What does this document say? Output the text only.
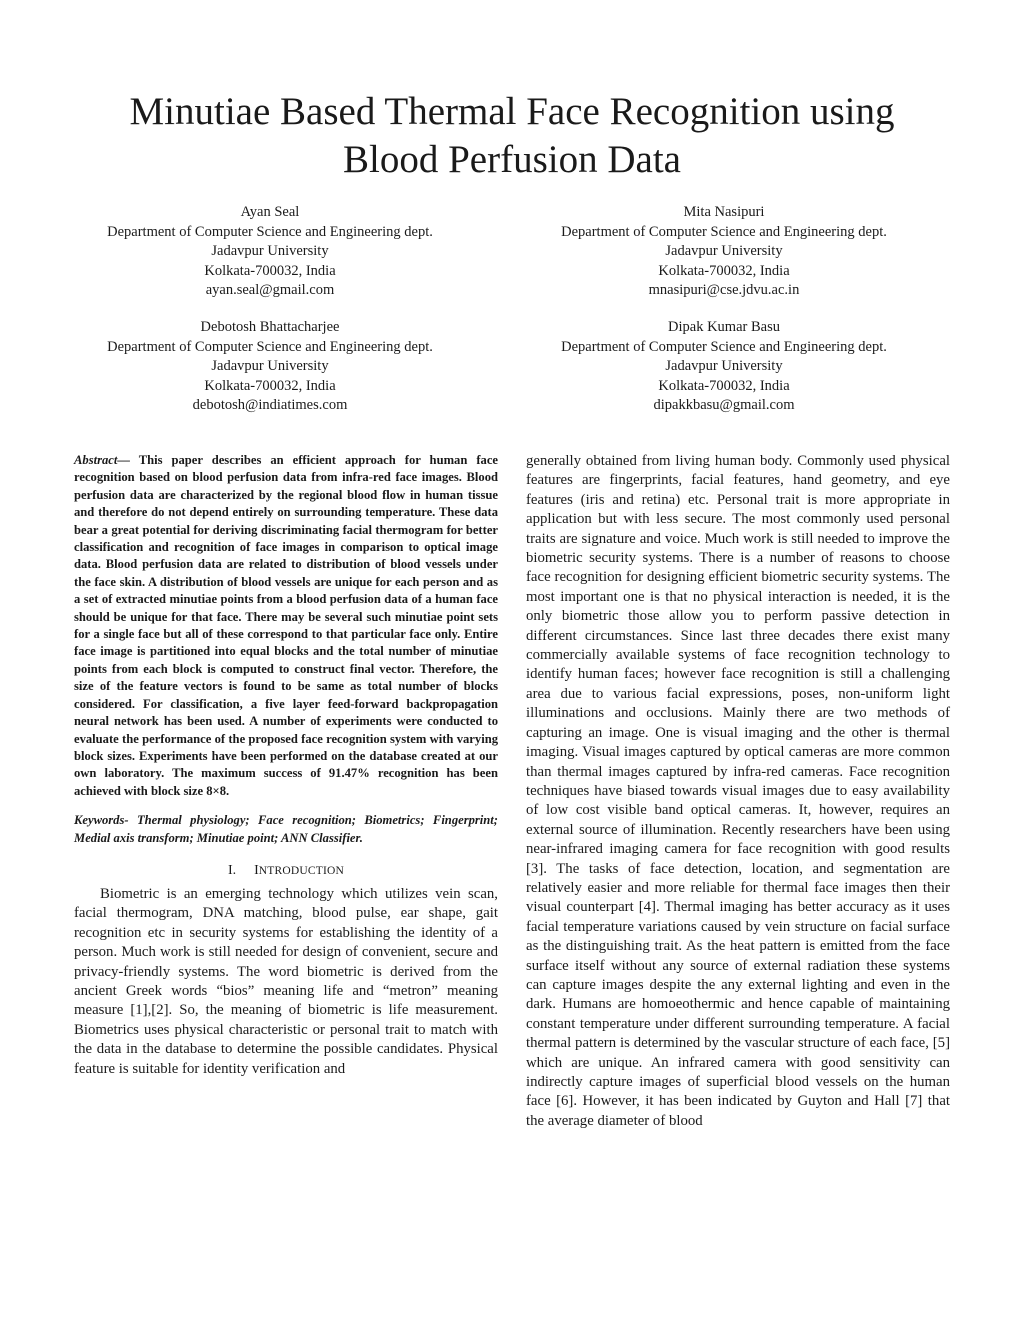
Minutiae Based Thermal Face Recognition using
Blood Perfusion Data
Ayan Seal
Department of Computer Science and Engineering dept.
Jadavpur University
Kolkata-700032, India
ayan.seal@gmail.com
Mita Nasipuri
Department of Computer Science and Engineering dept.
Jadavpur University
Kolkata-700032, India
mnasipuri@cse.jdvu.ac.in
Debotosh Bhattacharjee
Department of Computer Science and Engineering dept.
Jadavpur University
Kolkata-700032, India
debotosh@indiatimes.com
Dipak Kumar Basu
Department of Computer Science and Engineering dept.
Jadavpur University
Kolkata-700032, India
dipakkbasu@gmail.com

Abstract— This paper describes an efficient approach for human face recognition based on blood perfusion data from infra-red face images. Blood perfusion data are characterized by the regional blood flow in human tissue and therefore do not depend entirely on surrounding temperature. These data bear a great potential for deriving discriminating facial thermogram for better classification and recognition of face images in comparison to optical image data. Blood perfusion data are related to distribution of blood vessels under the face skin. A distribution of blood vessels are unique for each person and as a set of extracted minutiae points from a blood perfusion data of a human face should be unique for that face. There may be several such minutiae point sets for a single face but all of these correspond to that particular face only. Entire face image is partitioned into equal blocks and the total number of minutiae points from each block is computed to construct final vector. Therefore, the size of the feature vectors is found to be same as total number of blocks considered. For classification, a five layer feed-forward backpropagation neural network has been used. A number of experiments were conducted to evaluate the performance of the proposed face recognition system with varying block sizes. Experiments have been performed on the database created at our own laboratory. The maximum success of 91.47% recognition has been achieved with block size 8×8.

Keywords- Thermal physiology; Face recognition; Biometrics; Fingerprint; Medial axis transform; Minutiae point; ANN Classifier.

I. INTRODUCTION

Biometric is an emerging technology which utilizes vein scan, facial thermogram, DNA matching, blood pulse, ear shape, gait recognition etc in security systems for establishing the identity of a person. Much work is still needed for design of convenient, secure and privacy-friendly systems. The word biometric is derived from the ancient Greek words “bios” meaning life and “metron” meaning measure [1],[2]. So, the meaning of biometric is life measurement. Biometrics uses physical characteristic or personal trait to match with the data in the database to determine the possible candidates. Physical feature is suitable for identity verification and

generally obtained from living human body. Commonly used physical features are fingerprints, facial features, hand geometry, and eye features (iris and retina) etc. Personal trait is more appropriate in application but with less secure. The most commonly used personal traits are signature and voice. Much work is still needed to improve the biometric security systems. There is a number of reasons to choose face recognition for designing efficient biometric security systems. The most important one is that no physical interaction is needed, it is the only biometric those allow you to perform passive detection in different circumstances. Since last three decades there exist many commercially available systems of face recognition technology to identify human faces; however face recognition is still a challenging area due to various facial expressions, poses, non-uniform light illuminations and occlusions. Mainly there are two methods of capturing an image. One is visual imaging and the other is thermal imaging. Visual images captured by optical cameras are more common than thermal images captured by infra-red cameras. Face recognition techniques have biased towards visual images due to easy availability of low cost visible band optical cameras. It, however, requires an external source of illumination. Recently researchers have been using near-infrared imaging camera for face recognition with good results [3]. The tasks of face detection, location, and segmentation are relatively easier and more reliable for thermal face images then their visual counterpart [4]. Thermal imaging has better accuracy as it uses facial temperature variations caused by vein structure on facial surface as the distinguishing trait. As the heat pattern is emitted from the face surface itself without any source of external radiation these systems can capture images despite the any external lighting and even in the dark. Humans are homoeothermic and hence capable of maintaining constant temperature under different surrounding temperature. A facial thermal pattern is determined by the vascular structure of each face, [5] which are unique. An infrared camera with good sensitivity can indirectly capture images of superficial blood vessels on the human face [6]. However, it has been indicated by Guyton and Hall [7] that the average diameter of blood
